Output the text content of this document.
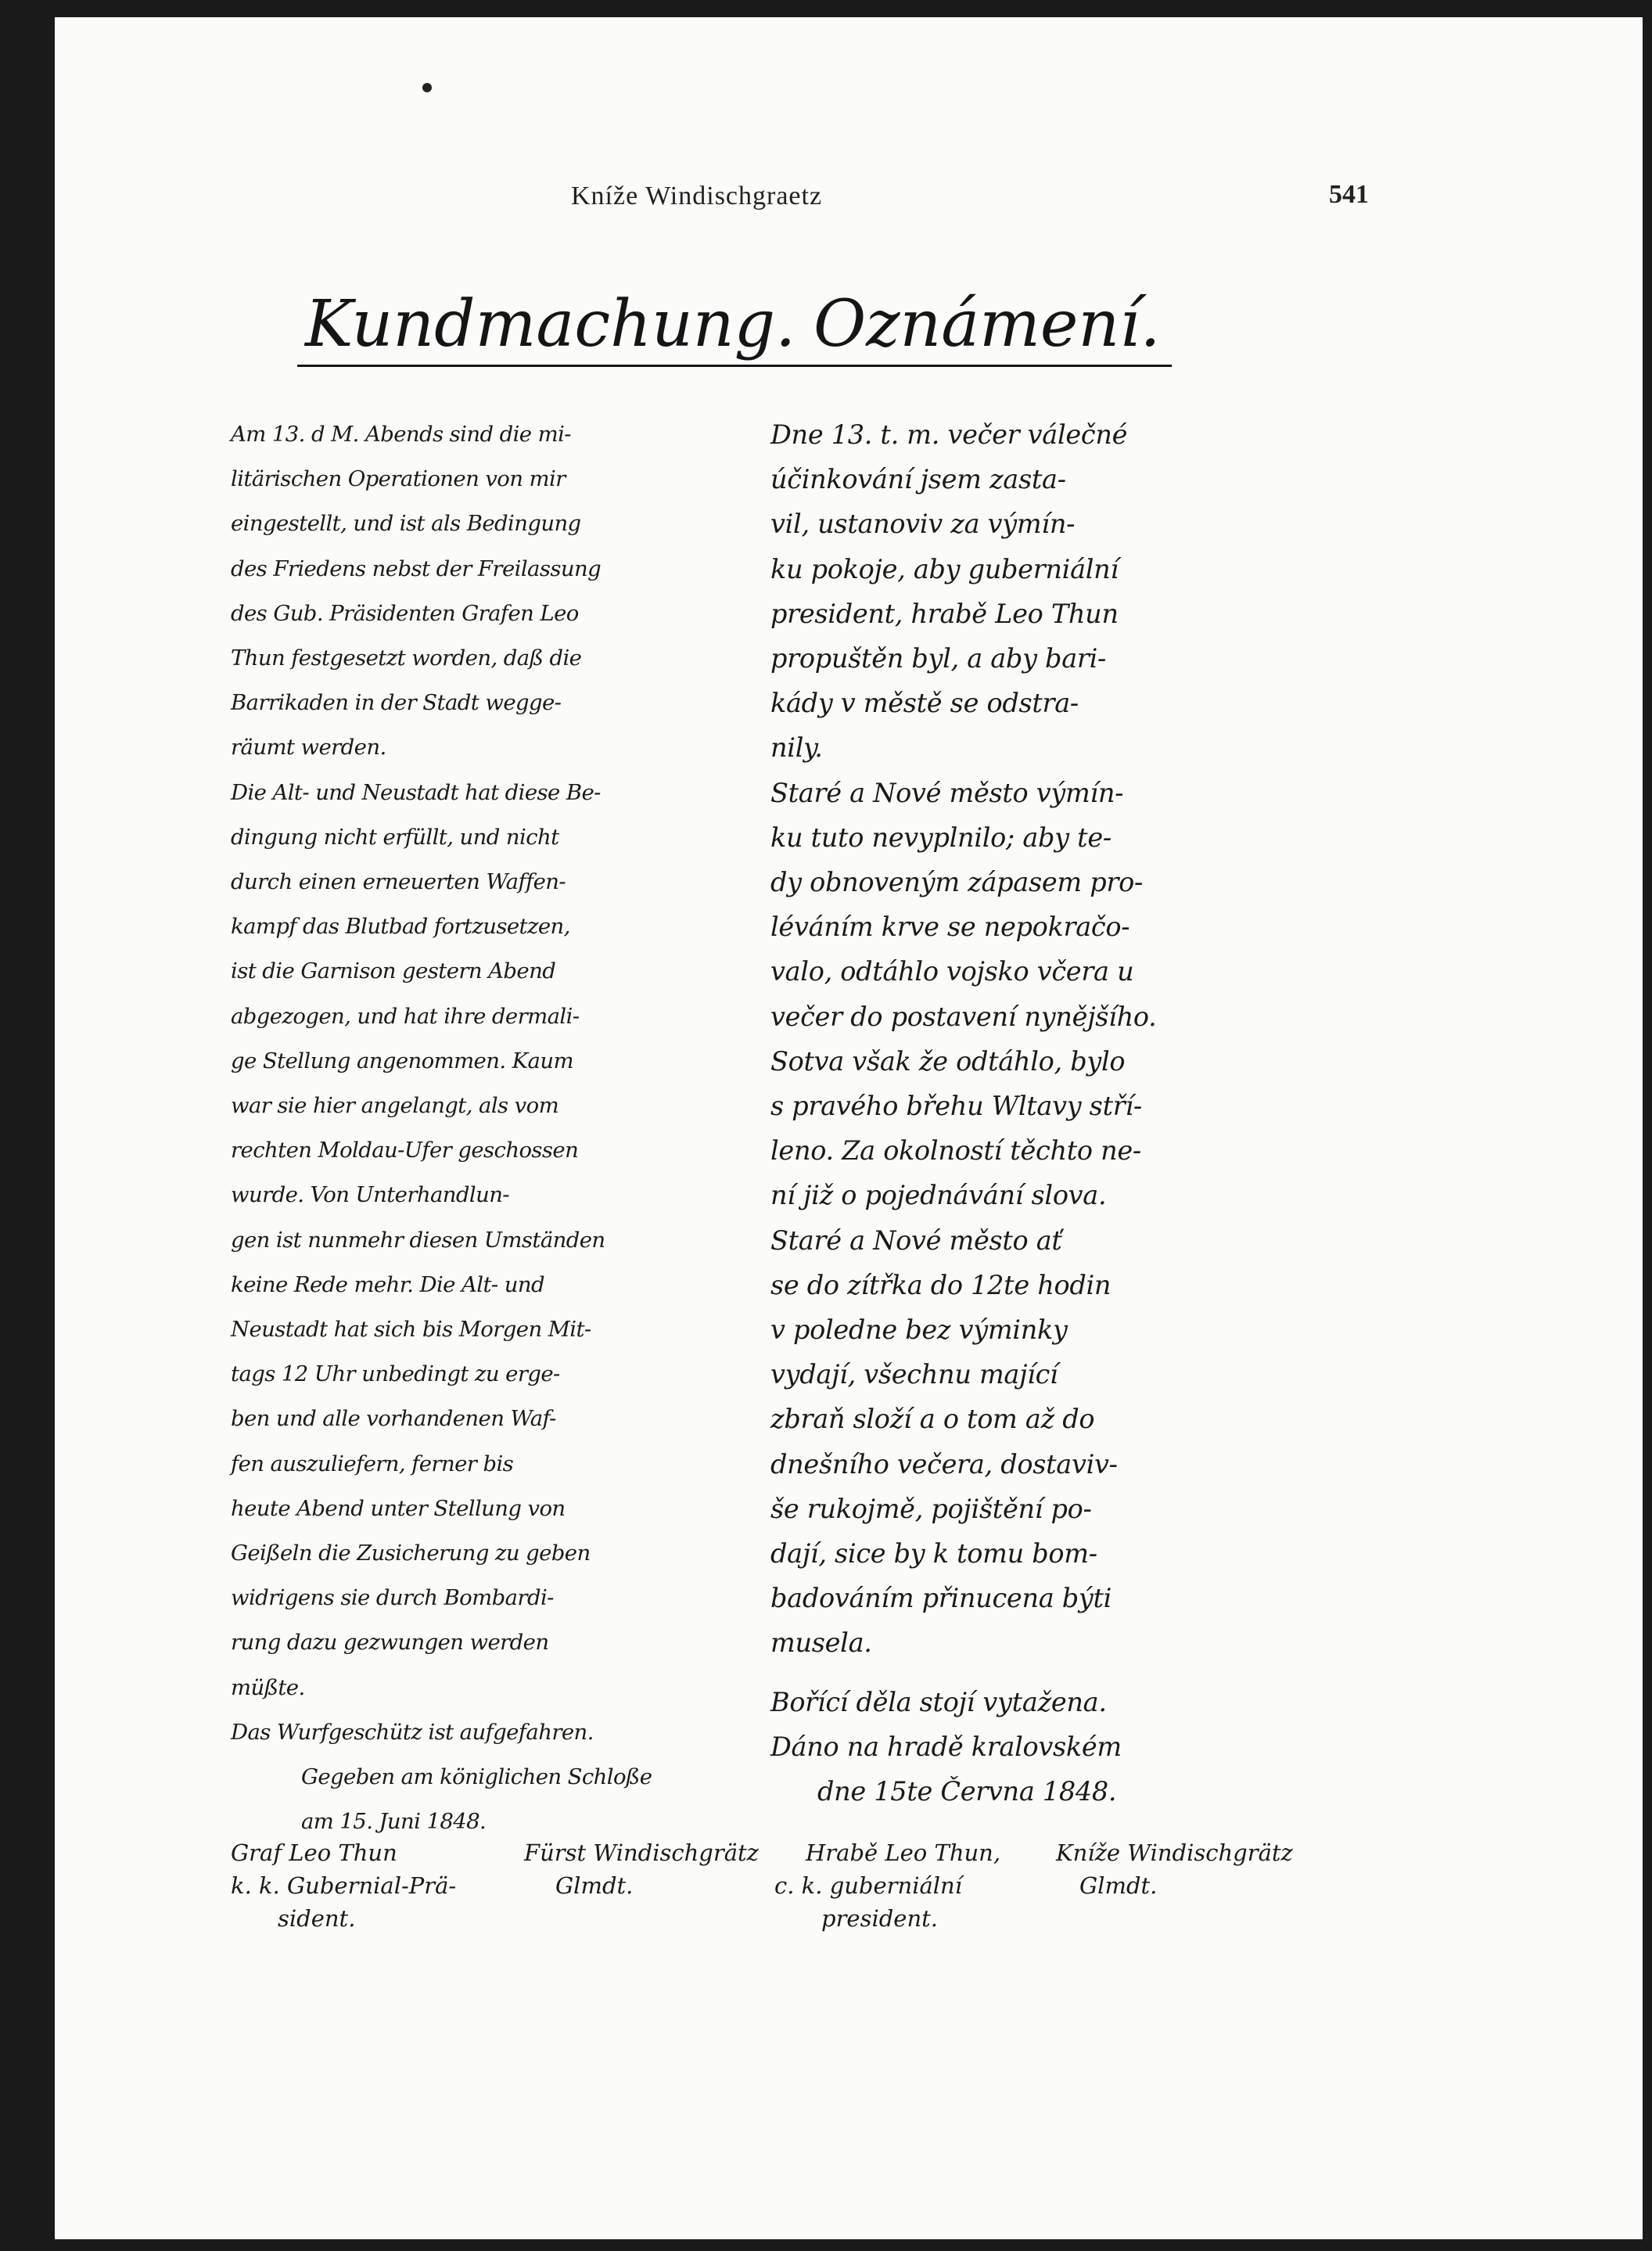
Kníže Windischgraetz	541
Kundmachung. Oznámení.
Am 13. d M. Abends sind die mi-
litärischen Operationen von mir
eingestellt, und ist als Bedingung
des Friedens nebst der Freilassung
des Gub. Präsidenten Grafen Leo
Thun festgesetzt worden, daß die
Barrikaden in der Stadt wegge-
räumt werden.
Die Alt- und Neustadt hat diese Be-
dingung nicht erfüllt, und nicht
durch einen erneuerten Waffen-
kampf das Blutbad fortzusetzen,
ist die Garnison gestern Abend
abgezogen, und hat ihre dermali-
ge Stellung angenommen. Kaum
war sie hier angelangt, als vom
rechten Moldau-Ufer geschossen
wurde. Von Unterhandlun-
gen ist nunmehr diesen Umständen
keine Rede mehr. Die Alt- und
Neustadt hat sich bis Morgen Mit-
tags 12 Uhr unbedingt zu erge-
ben und alle vorhandenen Waf-
fen auszuliefern, ferner bis
heute Abend unter Stellung von
Geißeln die Zusicherung zu geben
widrigens sie durch Bombardi-
rung dazu gezwungen werden
müßte.
Das Wurfgeschütz ist aufgefahren.
Gegeben am königlichen Schloße
am 15. Juni 1848.
Dne 13. t. m. večer válečné
účinkování jsem zasta-
vil, ustanoviv za výmín-
ku pokoje, aby guberniální
president, hrabě Leo Thun
propuštěn byl, a aby bari-
kády v městě se odstra-
nily.
Staré a Nové město výmín-
ku tuto nevyplnilo; aby te-
dy obnoveným zápasem pro-
léváním krve se nepokračo-
valo, odtáhlo vojsko včera u
večer do postavení nynějšího.
Sotva však že odtáhlo, bylo
s pravého břehu Wltavy stří-
leno. Za okolností těchto ne-
ní již o pojednávání slova.
Staré a Nové město ať
se do zítřka do 12te hodin
v poledne bez výminky
vydají, všechnu mající
zbraň složí a o tom až do
dnešního večera, dostaviv-
še rukojmě, pojištění po-
dají, sice by k tomu bom-
badováním přinucena býti
musela.
Bořící děla stojí vytažena.
Dáno na hradě kralovském
dne 15te Června 1848.
Graf Leo Thun
k. k. Gubernial-Prä-
sident.
Fürst Windischgrätz
Glmdt.
Hrabě Leo Thun,
c. k. guberniální
president.
Kníže Windischgrätz
Glmdt.
